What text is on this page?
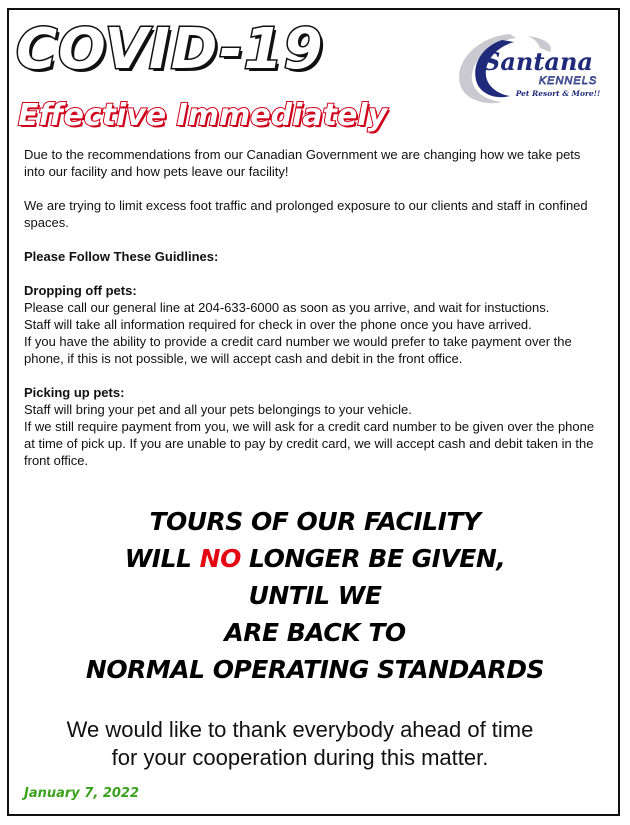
COVID-19
Effective Immediately
Santana
KENNELS
Pet Resort & More!!

Due to the recommendations from our Canadian Government we are changing how we take pets into our facility and how pets leave our facility!

We are trying to limit excess foot traffic and prolonged exposure to our clients and staff in confined spaces.

Please Follow These Guidlines:

Dropping off pets:

Please call our general line at 204-633-6000 as soon as you arrive, and wait for instuctions.

Staff will take all information required for check in over the phone once you have arrived.

If you have the ability to provide a credit card number we would prefer to take payment over the phone, if this is not possible, we will accept cash and debit in the front office.

Picking up pets:

Staff will bring your pet and all your pets belongings to your vehicle.

If we still require payment from you, we will ask for a credit card number to be given over the phone at time of pick up. If you are unable to pay by credit card, we will accept cash and debit taken in the front office.

TOURS OF OUR FACILITY
WILL NO LONGER BE GIVEN,
UNTIL WE
ARE BACK TO
NORMAL OPERATING STANDARDS
We would like to thank everybody ahead of time
for your cooperation during this matter.
January 7, 2022
